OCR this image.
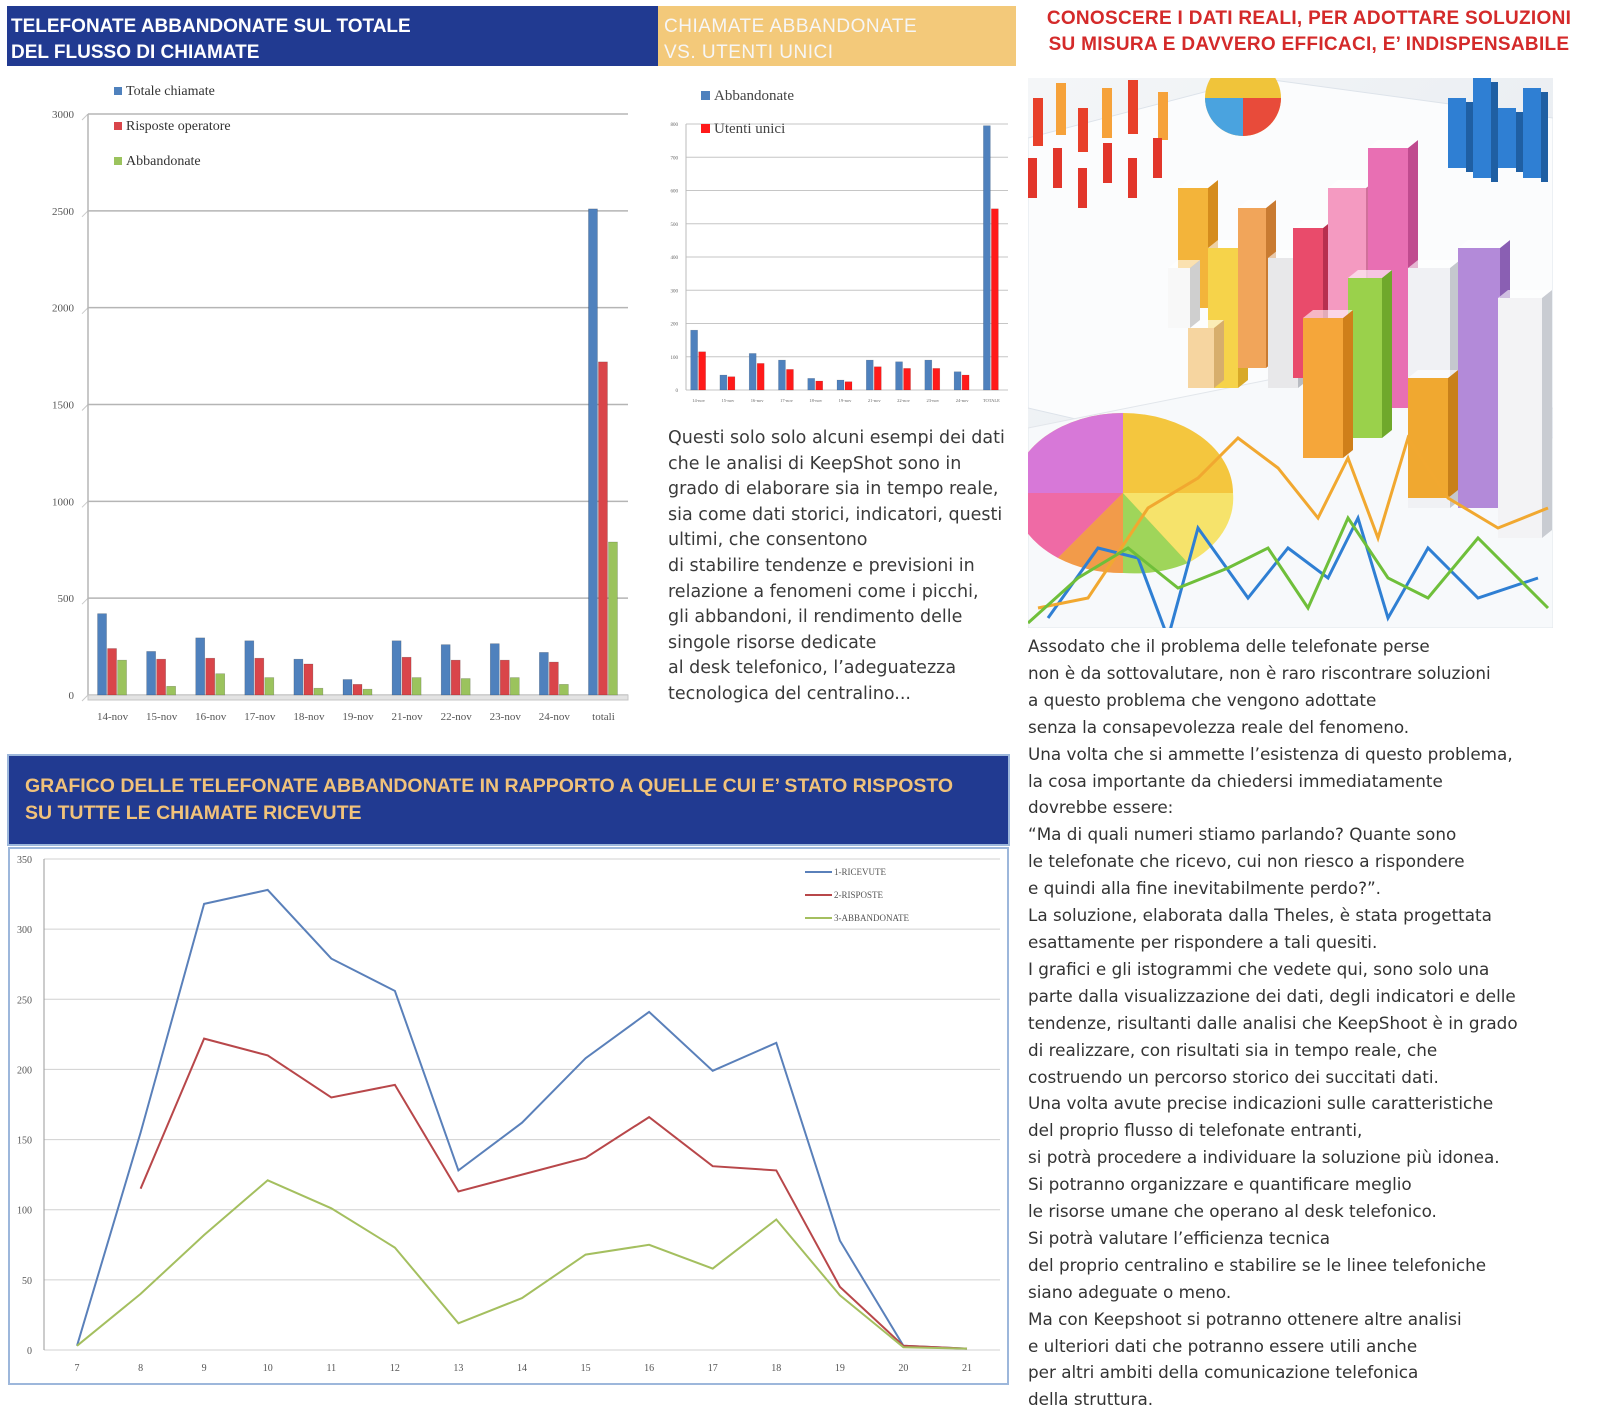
TELEFONATE ABBANDONATE SUL TOTALE
DEL FLUSSO DI CHIAMATE
CHIAMATE ABBANDONATE
VS. UTENTI UNICI
CONOSCERE I DATI REALI, PER ADOTTARE SOLUZIONI
SU MISURA E DAVVERO EFFICACI, E’ INDISPENSABILE
0
500
1000
1500
2000
2500
3000
14-nov 15-nov 16-nov 17-nov 18-nov 19-nov 21-nov 22-nov 23-nov 24-nov totali
Totale chiamate
Risposte operatore
Abbandonate
0
100
200
300
400
500
600
700
800
14-nov	15-nov	16-nov	17-nov	18-nov	19-nov	21-nov	22-nov	23-nov	24-nov	TOTALE
Abbandonate
Utenti unici
Questi solo solo alcuni esempi dei dati
che le analisi di KeepShot sono in
grado di elaborare sia in tempo reale,
sia come dati storici, indicatori, questi
ultimi, che consentono
di stabilire tendenze e previsioni in
relazione a fenomeni come i picchi,
gli abbandoni, il rendimento delle
singole risorse dedicate
al desk telefonico, l’adeguatezza
tecnologica del centralino...
Assodato che il problema delle telefonate perse
non è da sottovalutare, non è raro riscontrare soluzioni
a questo problema che vengono adottate
senza la consapevolezza reale del fenomeno.
Una volta che si ammette l’esistenza di questo problema,
la cosa importante da chiedersi immediatamente
dovrebbe essere:
“Ma di quali numeri stiamo parlando? Quante sono
le telefonate che ricevo, cui non riesco a rispondere
e quindi alla fine inevitabilmente perdo?”.
La soluzione, elaborata dalla Theles, è stata progettata
esattamente per rispondere a tali quesiti.
I grafici e gli istogrammi che vedete qui, sono solo una
parte dalla visualizzazione dei dati, degli indicatori e delle
tendenze, risultanti dalle analisi che KeepShoot è in grado
di realizzare, con risultati sia in tempo reale, che
costruendo un percorso storico dei succitati dati.
Una volta avute precise indicazioni sulle caratteristiche
del proprio flusso di telefonate entranti,
si potrà procedere a individuare la soluzione più idonea.
Si potranno organizzare e quantificare meglio
le risorse umane che operano al desk telefonico.
Si potrà valutare l’efficienza tecnica
del proprio centralino e stabilire se le linee telefoniche
siano adeguate o meno.
Ma con Keepshoot si potranno ottenere altre analisi
e ulteriori dati che potranno essere utili anche
per altri ambiti della comunicazione telefonica
della struttura.
GRAFICO DELLE TELEFONATE ABBANDONATE IN RAPPORTO A QUELLE CUI E’ STATO RISPOSTO
SU TUTTE LE CHIAMATE RICEVUTE
0
50
100
150
200
250
300
350
7	8	9	10	11	12	13	14	15	16	17	18	19	20	21
1-RICEVUTE
2-RISPOSTE
3-ABBANDONATE
